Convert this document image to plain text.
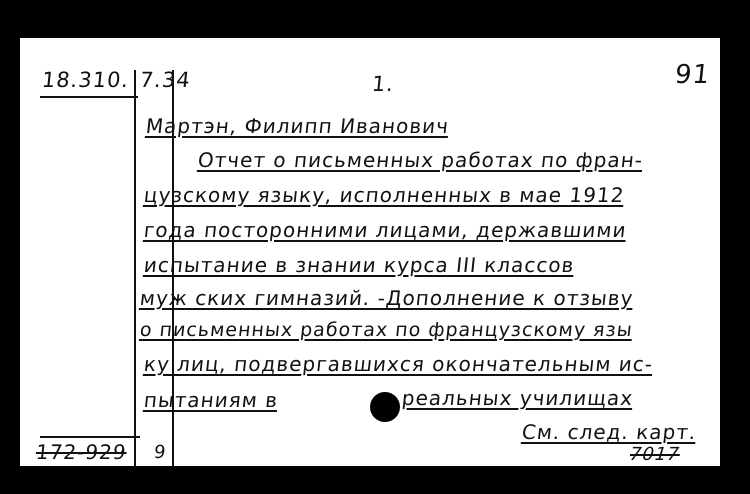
18.310. 7.34	1.	91
Мартэн, Филипп Иванович
Отчет о письменных работах по фран-
цузскому языку, исполненных в мае 1912
года посторонними лицами, державшими
испытание в знании курса III классов
муж ских гимназий. -Дополнение к отзыву
о письменных работах по французскому язы
ку лиц, подвергавшихся окончательным ис-
пытаниям в	реальных училищах
См. след. карт.
172-929 9	7017
